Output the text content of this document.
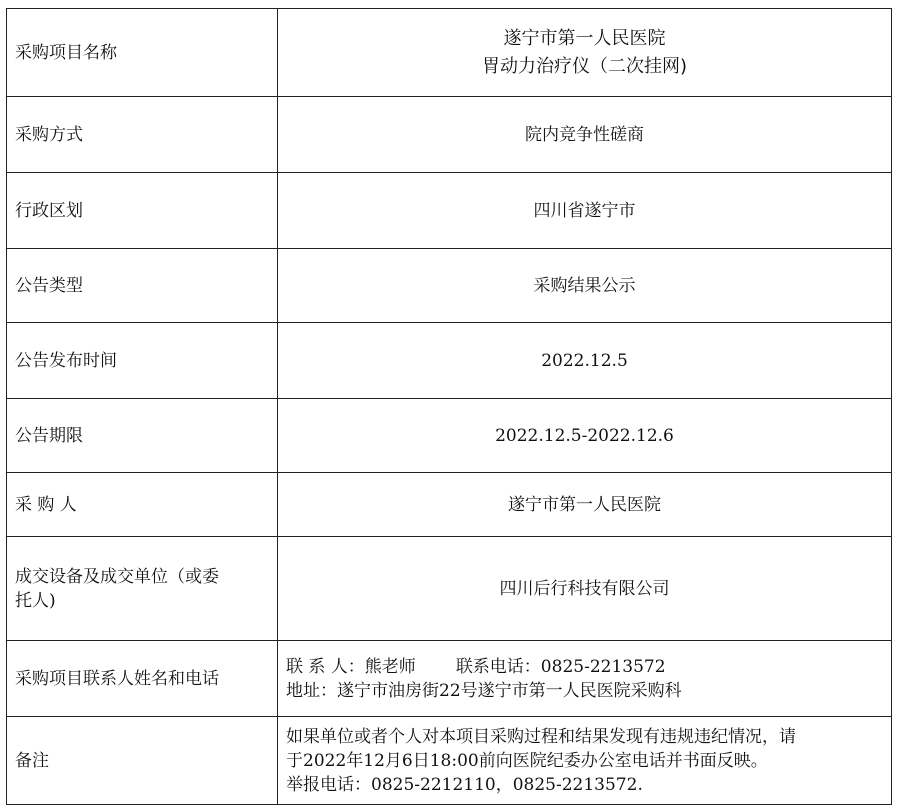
采购项目名称	遂宁市第一人民医院
胃动力治疗仪（二次挂网)

采购方式	院内竞争性磋商
行政区划	四川省遂宁市
公告类型	采购结果公示
公告发布时间	2022.12.5
公告期限	2022.12.5-2022.12.6
采 购 人	遂宁市第一人民医院

成交设备及成交单位（或委
托人)	四川后行科技有限公司
采购项目联系人姓名和电话	联 系 人：熊老师 联系电话：0825-2213572
地址：遂宁市油房街22号遂宁市第一人民医院采购科

备注	如果单位或者个人对本项目采购过程和结果发现有违规违纪情况，请
于2022年12月6日18:00前向医院纪委办公室电话并书面反映。
举报电话：0825-2212110，0825-2213572.
